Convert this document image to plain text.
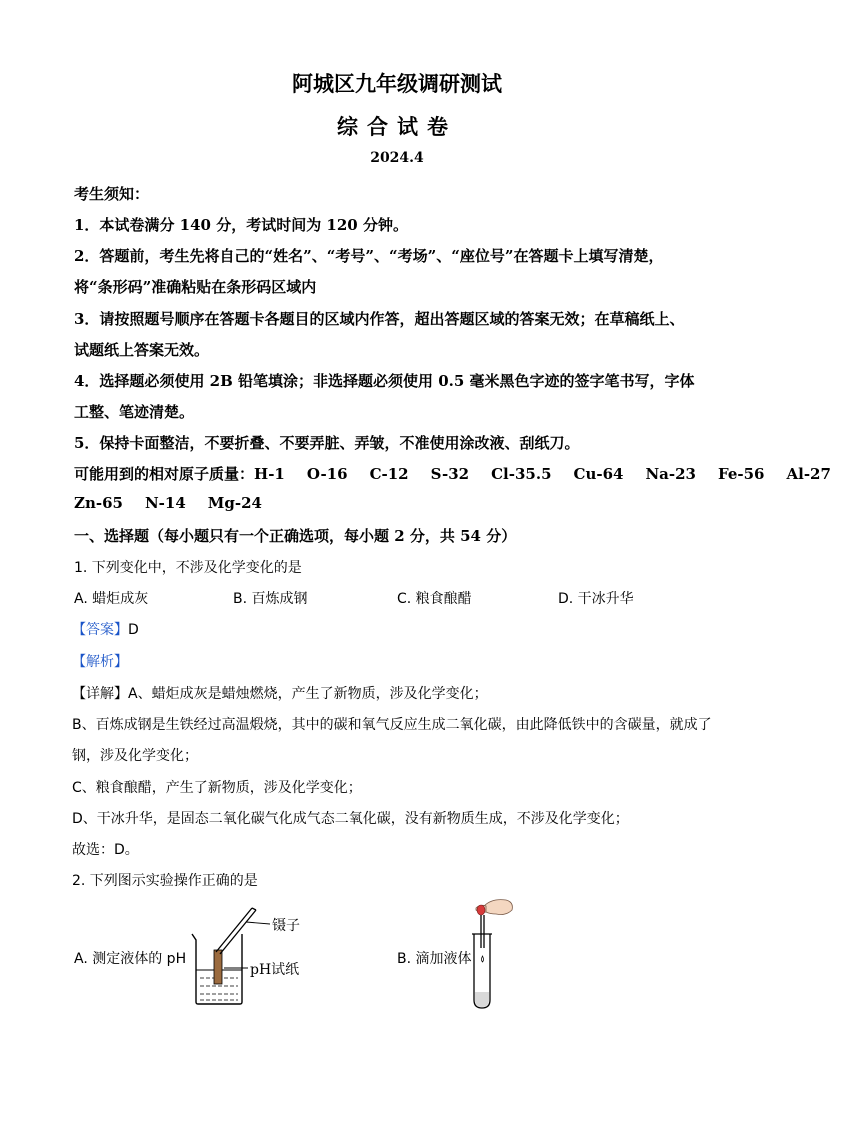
阿城区九年级调研测试
综合试卷
2024.4
考生须知：
1．本试卷满分 140 分，考试时间为 120 分钟。
2．答题前，考生先将自己的“姓名”、“考号”、“考场”、“座位号”在答题卡上填写清楚，
将“条形码”准确粘贴在条形码区域内
3．请按照题号顺序在答题卡各题目的区域内作答，超出答题区域的答案无效；在草稿纸上、
试题纸上答案无效。
4．选择题必须使用 2B 铅笔填涂；非选择题必须使用 0.5 毫米黑色字迹的签字笔书写，字体
工整、笔迹清楚。
5．保持卡面整洁，不要折叠、不要弄脏、弄皱，不准使用涂改液、刮纸刀。
可能用到的相对原子质量：H-1 O-16 C-12 S-32 Cl-35.5 Cu-64 Na-23 Fe-56 Al-27
Zn-65 N-14 Mg-24
一、选择题（每小题只有一个正确选项，每小题 2 分，共 54 分）
1. 下列变化中，不涉及化学变化的是
A. 蜡炬成灰	B. 百炼成钢	C. 粮食酿醋	D. 干冰升华
【答案】D
【解析】
【详解】A、蜡炬成灰是蜡烛燃烧，产生了新物质，涉及化学变化；
B、百炼成钢是生铁经过高温煅烧，其中的碳和氧气反应生成二氧化碳，由此降低铁中的含碳量，就成了
钢，涉及化学变化；
C、粮食酿醋，产生了新物质，涉及化学变化；
D、干冰升华，是固态二氧化碳气化成气态二氧化碳，没有新物质生成，不涉及化学变化；
故选：D。
2. 下列图示实验操作正确的是
A. 测定液体的 pH	B. 滴加液体
镊子
pH试纸
